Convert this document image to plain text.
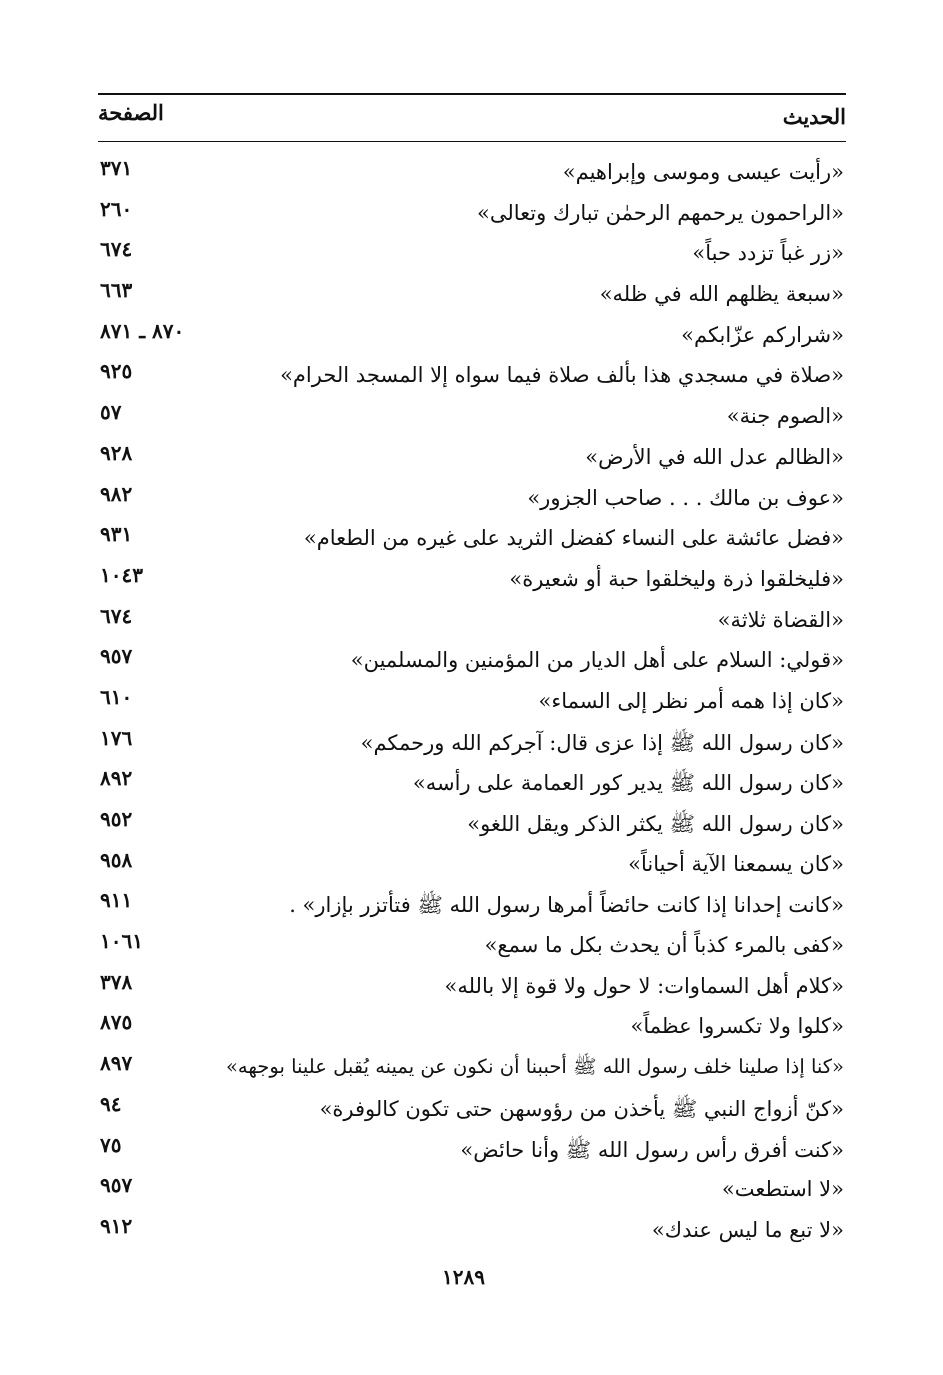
الحديث
الصفحة
«رأيت عيسى وموسى وإبراهيم»
٣٧١
«الراحمون يرحمهم الرحمٰن تبارك وتعالى»
٢٦٠
«زر غباً تزدد حباً»
٦٧٤
«سبعة يظلهم الله في ظله»
٦٦٣
«شراركم عزّابكم»
٨٧٠ ـ ٨٧١
«صلاة في مسجدي هذا بألف صلاة فيما سواه إلا المسجد الحرام»
٩٢٥
«الصوم جنة»
٥٧
«الظالم عدل الله في الأرض»
٩٢٨
«عوف بن مالك . . . صاحب الجزور»
٩٨٢
«فضل عائشة على النساء كفضل الثريد على غيره من الطعام»
٩٣١
«فليخلقوا ذرة وليخلقوا حبة أو شعيرة»
١٠٤٣
«القضاة ثلاثة»
٦٧٤
«قولي: السلام على أهل الديار من المؤمنين والمسلمين»
٩٥٧
«كان إذا همه أمر نظر إلى السماء»
٦١٠
«كان رسول الله ﷺ إذا عزى قال: آجركم الله ورحمكم»
١٧٦
«كان رسول الله ﷺ يدير كور العمامة على رأسه»
٨٩٢
«كان رسول الله ﷺ يكثر الذكر ويقل اللغو»
٩٥٢
«كان يسمعنا الآية أحياناً»
٩٥٨
«كانت إحدانا إذا كانت حائضاً أمرها رسول الله ﷺ فتأتزر بإزار» .
٩١١
«كفى بالمرء كذباً أن يحدث بكل ما سمع»
١٠٦١
«كلام أهل السماوات: لا حول ولا قوة إلا بالله»
٣٧٨
«كلوا ولا تكسروا عظماً»
٨٧٥
«كنا إذا صلينا خلف رسول الله ﷺ أحببنا أن نكون عن يمينه يُقبل علينا بوجهه»
٨٩٧
«كنّ أزواج النبي ﷺ يأخذن من رؤوسهن حتى تكون كالوفرة»
٩٤
«كنت أفرق رأس رسول الله ﷺ وأنا حائض»
٧٥
«لا استطعت»
٩٥٧
«لا تبع ما ليس عندك»
٩١٢
١٢٨٩
